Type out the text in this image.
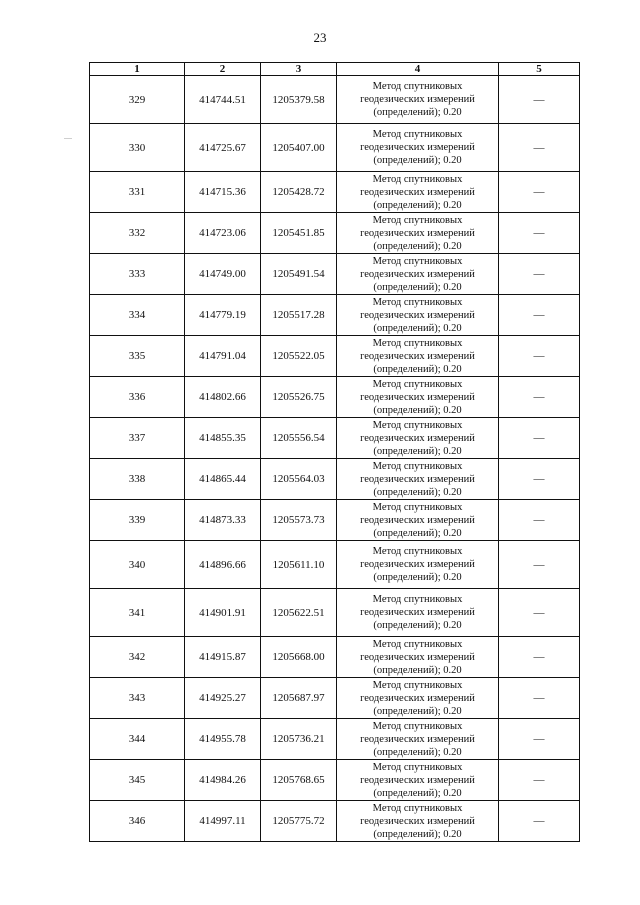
23
1	2	3	4	5
329	414744.51	1205379.58	Метод спутниковых
геодезических измерений
(определений); 0.20	—
330	414725.67	1205407.00	Метод спутниковых
геодезических измерений
(определений); 0.20	—
331	414715.36	1205428.72	Метод спутниковых
геодезических измерений
(определений); 0.20	—
332	414723.06	1205451.85	Метод спутниковых
геодезических измерений
(определений); 0.20	—
333	414749.00	1205491.54	Метод спутниковых
геодезических измерений
(определений); 0.20	—
334	414779.19	1205517.28	Метод спутниковых
геодезических измерений
(определений); 0.20	—
335	414791.04	1205522.05	Метод спутниковых
геодезических измерений
(определений); 0.20	—
336	414802.66	1205526.75	Метод спутниковых
геодезических измерений
(определений); 0.20	—
337	414855.35	1205556.54	Метод спутниковых
геодезических измерений
(определений); 0.20	—
338	414865.44	1205564.03	Метод спутниковых
геодезических измерений
(определений); 0.20	—
339	414873.33	1205573.73	Метод спутниковых
геодезических измерений
(определений); 0.20	—
340	414896.66	1205611.10	Метод спутниковых
геодезических измерений
(определений); 0.20	—
341	414901.91	1205622.51	Метод спутниковых
геодезических измерений
(определений); 0.20	—
342	414915.87	1205668.00	Метод спутниковых
геодезических измерений
(определений); 0.20	—
343	414925.27	1205687.97	Метод спутниковых
геодезических измерений
(определений); 0.20	—
344	414955.78	1205736.21	Метод спутниковых
геодезических измерений
(определений); 0.20	—
345	414984.26	1205768.65	Метод спутниковых
геодезических измерений
(определений); 0.20	—
346	414997.11	1205775.72	Метод спутниковых
геодезических измерений
(определений); 0.20	—
